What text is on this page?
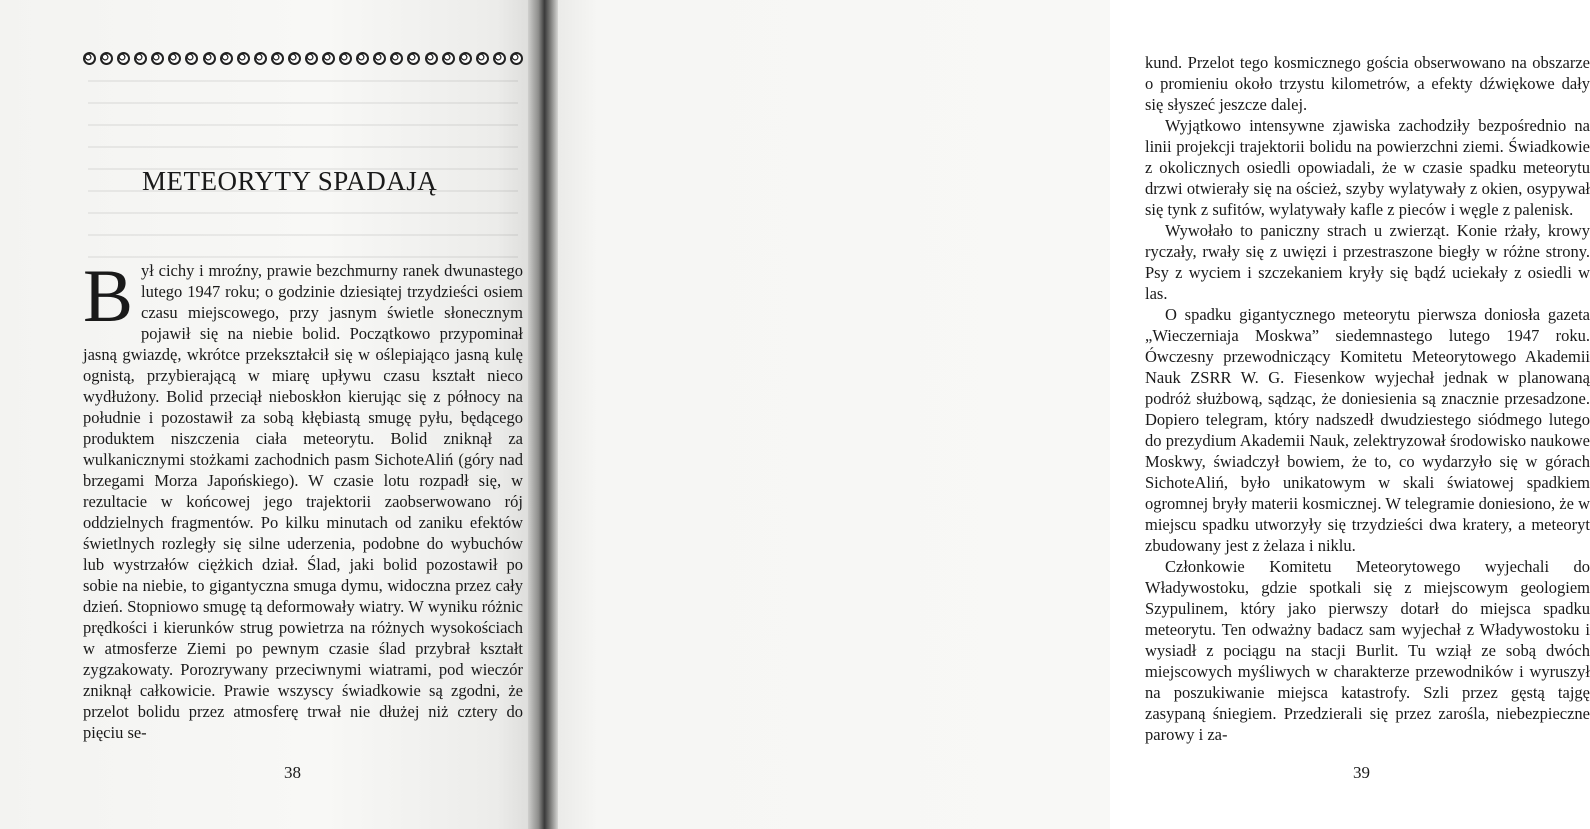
METEORYTY SPADAJĄ
B ył cichy i mroźny, prawie bezchmurny ranek dwunastego lutego 1947 roku; o godzinie dziesiątej trzydzieści osiem czasu miejscowego, przy jasnym świetle słonecznym pojawił się na niebie bolid. Początkowo przypominał jasną gwiazdę, wkrótce przekształcił się w oślepiająco jasną kulę ognistą, przybierającą w miarę upływu czasu kształt nieco wydłużony. Bolid przeciął nieboskłon kierując się z północy na południe i pozostawił za sobą kłębiastą smugę pyłu, będącego produktem niszczenia ciała meteorytu. Bolid zniknął za wulkanicznymi stożkami zachodnich pasm SichoteAliń (góry nad brzegami Morza Japońskiego). W czasie lotu rozpadł się, w rezultacie w końcowej jego trajektorii zaobserwowano rój oddzielnych fragmentów. Po kilku minutach od zaniku efektów świetlnych rozległy się silne uderzenia, podobne do wybuchów lub wystrzałów ciężkich dział. Ślad, jaki bolid pozostawił po sobie na niebie, to gigantyczna smuga dymu, widoczna przez cały dzień. Stopniowo smugę tą deformowały wiatry. W wyniku różnic prędkości i kierunków strug powietrza na różnych wysokościach w atmosferze Ziemi po pewnym czasie ślad przybrał kształt zygzakowaty. Porozrywany przeciwnymi wiatrami, pod wieczór zniknął całkowicie. Prawie wszyscy świadkowie są zgodni, że przelot bolidu przez atmosferę trwał nie dłużej niż cztery do pięciu se-

38

kund. Przelot tego kosmicznego gościa obserwowano na obszarze o promieniu około trzystu kilometrów, a efekty dźwiękowe dały się słyszeć jeszcze dalej.

Wyjątkowo intensywne zjawiska zachodziły bezpośrednio na linii projekcji trajektorii bolidu na powierzchni ziemi. Świadkowie z okolicznych osiedli opowiadali, że w czasie spadku meteorytu drzwi otwierały się na oścież, szyby wylatywały z okien, osypywał się tynk z sufitów, wylatywały kafle z pieców i węgle z palenisk.

Wywołało to paniczny strach u zwierząt. Konie rżały, krowy ryczały, rwały się z uwięzi i przestraszone biegły w różne strony. Psy z wyciem i szczekaniem kryły się bądź uciekały z osiedli w las.

O spadku gigantycznego meteorytu pierwsza doniosła gazeta „Wieczerniaja Moskwa” siedemnastego lutego 1947 roku. Ówczesny przewodniczący Komitetu Meteorytowego Akademii Nauk ZSRR W. G. Fiesenkow wyjechał jednak w planowaną podróż służbową, sądząc, że doniesienia są znacznie przesadzone. Dopiero telegram, który nadszedł dwudziestego siódmego lutego do prezydium Akademii Nauk, zelektryzował środowisko naukowe Moskwy, świadczył bowiem, że to, co wydarzyło się w górach SichoteAliń, było unikatowym w skali światowej spadkiem ogromnej bryły materii kosmicznej. W telegramie doniesiono, że w miejscu spadku utworzyły się trzydzieści dwa kratery, a meteoryt zbudowany jest z żelaza i niklu.

Członkowie Komitetu Meteorytowego wyjechali do Władywostoku, gdzie spotkali się z miejscowym geologiem Szypulinem, który jako pierwszy dotarł do miejsca spadku meteorytu. Ten odważny badacz sam wyjechał z Władywostoku i wysiadł z pociągu na stacji Burlit. Tu wziął ze sobą dwóch miejscowych myśliwych w charakterze przewodników i wyruszył na poszukiwanie miejsca katastrofy. Szli przez gęstą tajgę zasypaną śniegiem. Przedzierali się przez zarośla, niebezpieczne parowy i za-

39
